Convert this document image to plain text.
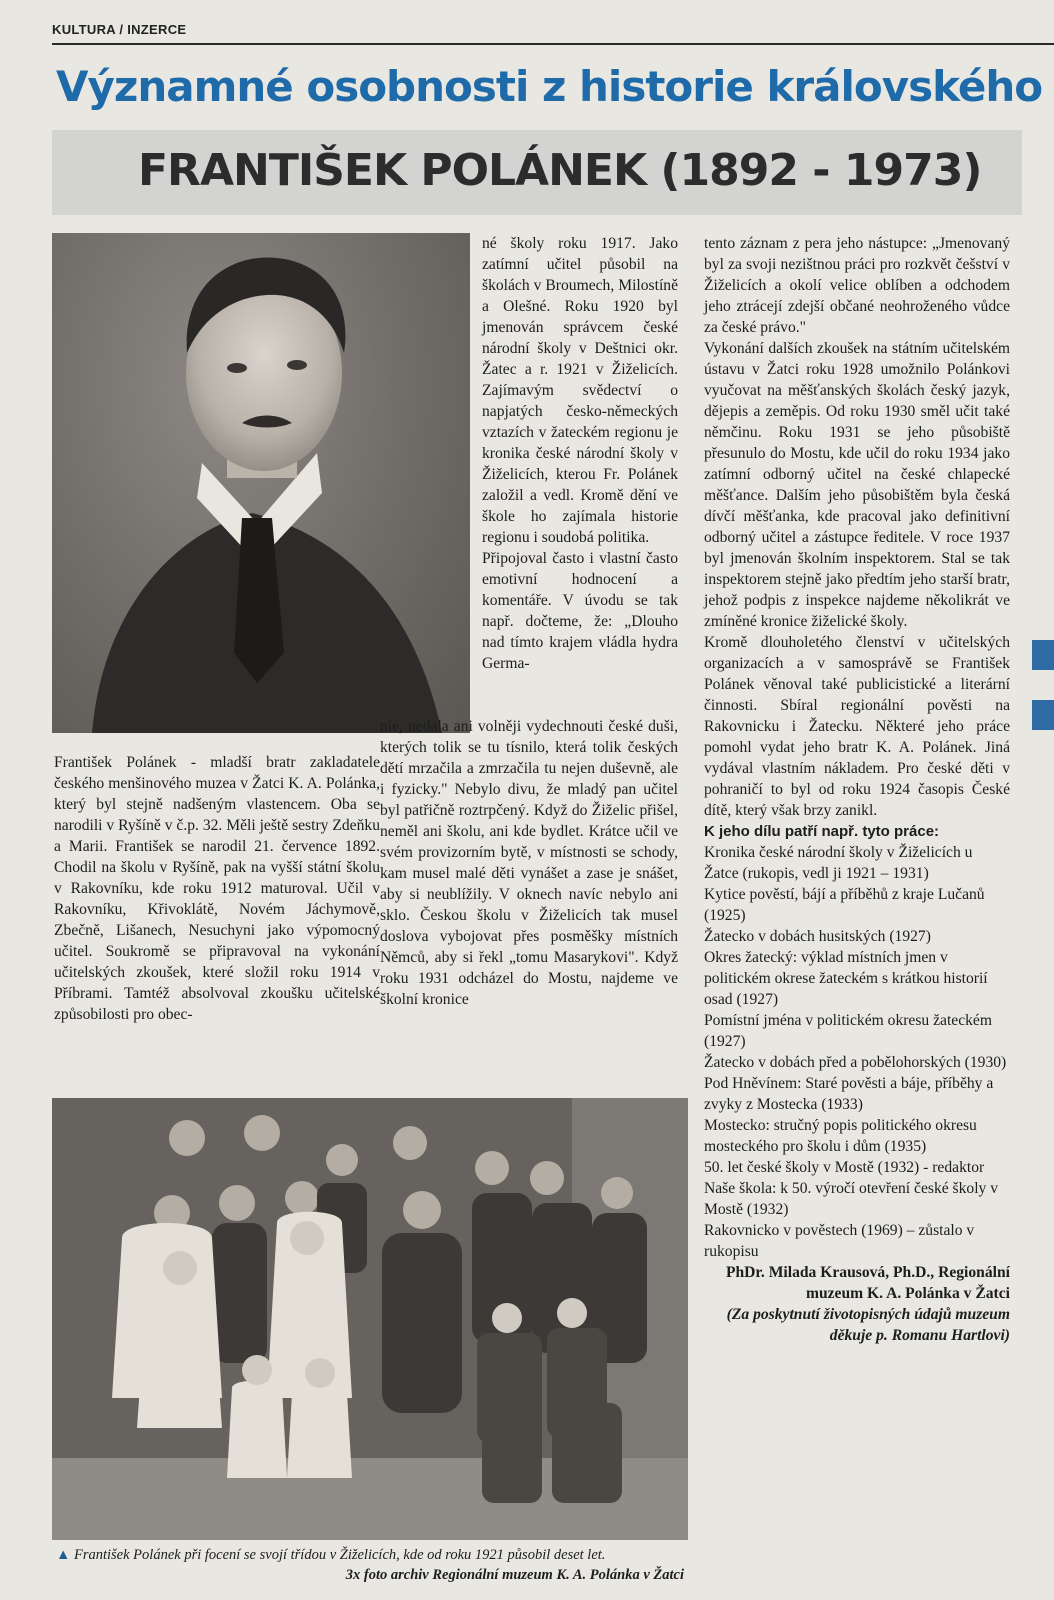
KULTURA / INZERCE
Významné osobnosti z historie královského
FRANTIŠEK POLÁNEK (1892 - 1973)

František Polánek - mladší bratr zakladatele českého menšinového muzea v Žatci K. A. Polánka, který byl stejně nadšeným vlastencem. Oba se narodili v Ryšíně v č.p. 32. Měli ještě sestry Zdeňku a Marii. František se narodil 21. července 1892. Chodil na školu v Ryšíně, pak na vyšší státní školu v Rakovníku, kde roku 1912 maturoval. Učil v Rakovníku, Křivoklátě, Novém Jáchymově, Zbečně, Lišanech, Nesuchyni jako výpomocný učitel. Soukromě se připravoval na vykonání učitelských zkoušek, které složil roku 1914 v Příbrami. Tamtéž absolvoval zkoušku učitelské způsobilosti pro obec-

né školy roku 1917. Jako zatímní učitel působil na školách v Broumech, Milostíně a Olešné. Roku 1920 byl jmenován správcem české národní školy v Deštnici okr. Žatec a r. 1921 v Žiželicích. Zajímavým svědectví o napjatých česko-německých vztazích v žateckém regionu je kronika české národní školy v Žiželicích, kterou Fr. Polánek založil a vedl. Kromě dění ve škole ho zajímala historie regionu i soudobá politika.

Připojoval často i vlastní často emotivní hodnocení a komentáře. V úvodu se tak např. dočteme, že: „Dlouho nad tímto krajem vládla hydra Germa-

nie, nedala ani volněji vydechnouti české duši, kterých tolik se tu tísnilo, která tolik českých dětí mrzačila a zmrzačila tu nejen duševně, ale i fyzicky." Nebylo divu, že mladý pan učitel byl patřičně roztrpčený. Když do Žiželic přišel, neměl ani školu, ani kde bydlet. Krátce učil ve svém provizorním bytě, v místnosti se schody, kam musel malé děti vynášet a zase je snášet, aby si neublížily. V oknech navíc nebylo ani sklo. Českou školu v Žiželicích tak musel doslova vybojovat přes posměšky místních Němců, aby si řekl „tomu Masarykovi". Když roku 1931 odcházel do Mostu, najdeme ve školní kronice

tento záznam z pera jeho nástupce: „Jmenovaný byl za svoji nezištnou práci pro rozkvět češství v Žiželicích a okolí velice oblíben a odchodem jeho ztrácejí zdejší občané neohroženého vůdce za české právo."

Vykonání dalších zkoušek na státním učitelském ústavu v Žatci roku 1928 umožnilo Polánkovi vyučovat na měšťanských školách český jazyk, dějepis a zeměpis. Od roku 1930 směl učit také němčinu. Roku 1931 se jeho působiště přesunulo do Mostu, kde učil do roku 1934 jako zatímní odborný učitel na české chlapecké měšťance. Dalším jeho působištěm byla česká dívčí měšťanka, kde pracoval jako definitivní odborný učitel a zástupce ředitele. V roce 1937 byl jmenován školním inspektorem. Stal se tak inspektorem stejně jako předtím jeho starší bratr, jehož podpis z inspekce najdeme několikrát ve zmíněné kronice žiželické školy.

Kromě dlouholetého členství v učitelských organizacích a v samosprávě se František Polánek věnoval také publicistické a literární činnosti. Sbíral regionální pověsti na Rakovnicku i Žatecku. Některé jeho práce pomohl vydat jeho bratr K. A. Polánek. Jiná vydával vlastním nákladem. Pro české děti v pohraničí to byl od roku 1924 časopis České dítě, který však brzy zanikl.

K jeho dílu patří např. tyto práce:

Kronika české národní školy v Žiželicích u Žatce (rukopis, vedl ji 1921 – 1931)

Kytice pověstí, bájí a příběhů z kraje Lučanů (1925)

Žatecko v dobách husitských (1927)

Okres žatecký: výklad místních jmen v politickém okrese žateckém s krátkou historií osad (1927)

Pomístní jména v politickém okresu žateckém (1927)

Žatecko v dobách před a pobělohorských (1930)

Pod Hněvínem: Staré pověsti a báje, příběhy a zvyky z Mostecka (1933)

Mostecko: stručný popis politického okresu mosteckého pro školu i dům (1935)

50. let české školy v Mostě (1932) - redaktor

Naše škola: k 50. výročí otevření české školy v Mostě (1932)

Rakovnicko v pověstech (1969) – zůstalo v rukopisu

PhDr. Milada Krausová, Ph.D., Regionální muzeum K. A. Polánka v Žatci

(Za poskytnutí životopisných údajů muzeum děkuje p. Romanu Hartlovi)

▲ František Polánek při focení se svojí třídou v Žiželicích, kde od roku 1921 působil deset let.
3x foto archiv Regionální muzeum K. A. Polánka v Žatci
